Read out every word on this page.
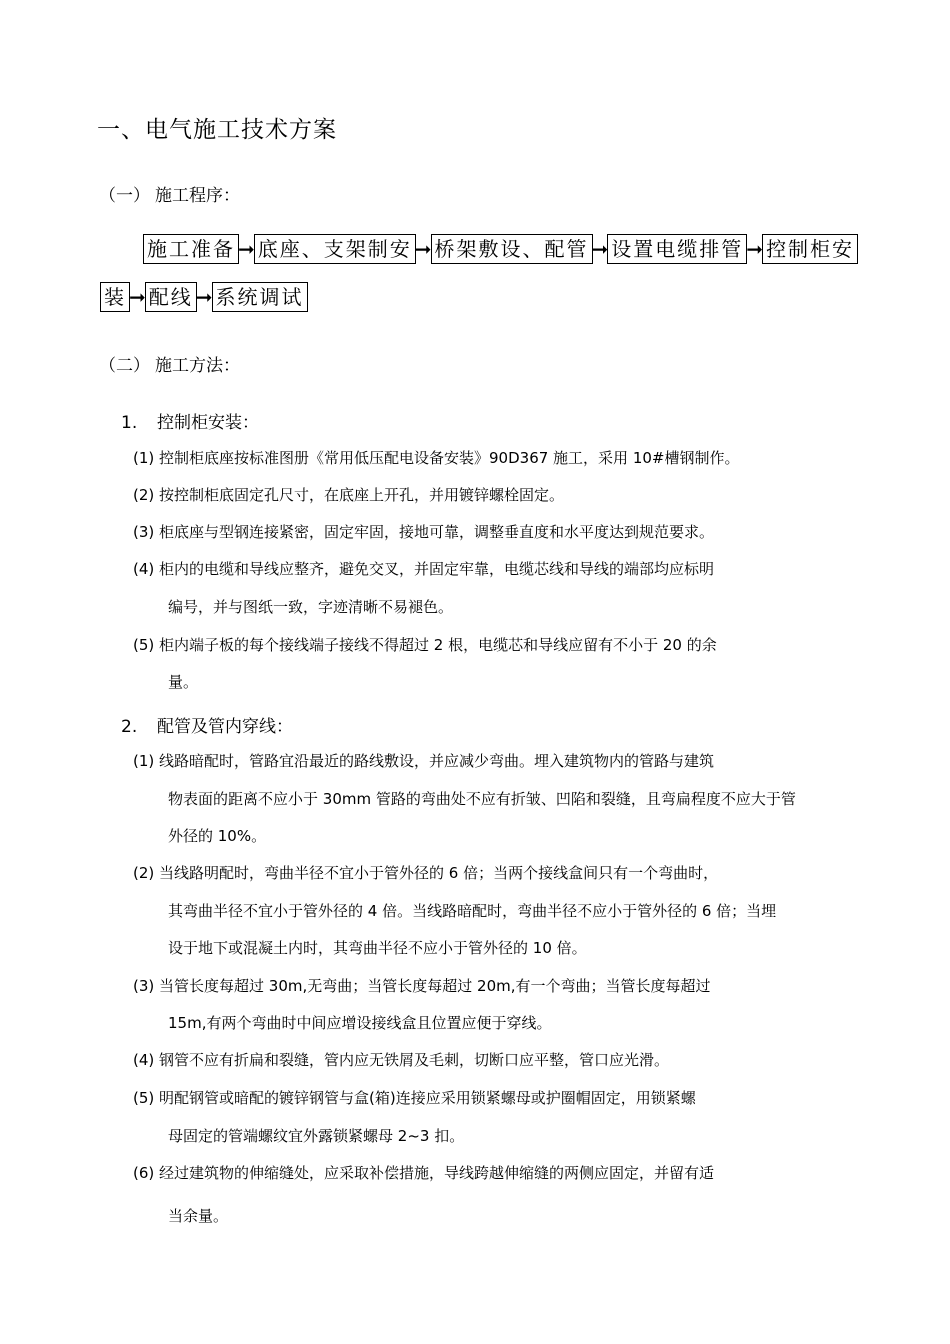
一、电气施工技术方案
（一） 施工程序：
施工准备 ➞ 底座、支架制安 ➞ 桥架敷设、配管 ➞ 设置电缆排管 ➞ 控制柜安
装 ➞ 配线 ➞ 系统调试
（二） 施工方法：
1. 控制柜安装：
(1) 控制柜底座按标准图册《常用低压配电设备安装》90D367 施工，采用 10#槽钢制作。
(2) 按控制柜底固定孔尺寸，在底座上开孔，并用镀锌螺栓固定。
(3) 柜底座与型钢连接紧密，固定牢固，接地可靠，调整垂直度和水平度达到规范要求。
(4) 柜内的电缆和导线应整齐，避免交叉，并固定牢靠，电缆芯线和导线的端部均应标明
编号，并与图纸一致，字迹清晰不易褪色。
(5) 柜内端子板的每个接线端子接线不得超过 2 根，电缆芯和导线应留有不小于 20 的余
量。
2. 配管及管内穿线：
(1) 线路暗配时，管路宜沿最近的路线敷设，并应减少弯曲。埋入建筑物内的管路与建筑
物表面的距离不应小于 30mm 管路的弯曲处不应有折皱、凹陷和裂缝，且弯扁程度不应大于管
外径的 10%。
(2) 当线路明配时，弯曲半径不宜小于管外径的 6 倍；当两个接线盒间只有一个弯曲时，
其弯曲半径不宜小于管外径的 4 倍。当线路暗配时，弯曲半径不应小于管外径的 6 倍；当埋
设于地下或混凝土内时，其弯曲半径不应小于管外径的 10 倍。
(3) 当管长度每超过 30m,无弯曲；当管长度每超过 20m,有一个弯曲；当管长度每超过
15m,有两个弯曲时中间应增设接线盒且位置应便于穿线。
(4) 钢管不应有折扁和裂缝，管内应无铁屑及毛刺，切断口应平整，管口应光滑。
(5) 明配钢管或暗配的镀锌钢管与盒(箱)连接应采用锁紧螺母或护圈帽固定，用锁紧螺
母固定的管端螺纹宜外露锁紧螺母 2~3 扣。
(6) 经过建筑物的伸缩缝处，应采取补偿措施，导线跨越伸缩缝的两侧应固定，并留有适
当余量。
